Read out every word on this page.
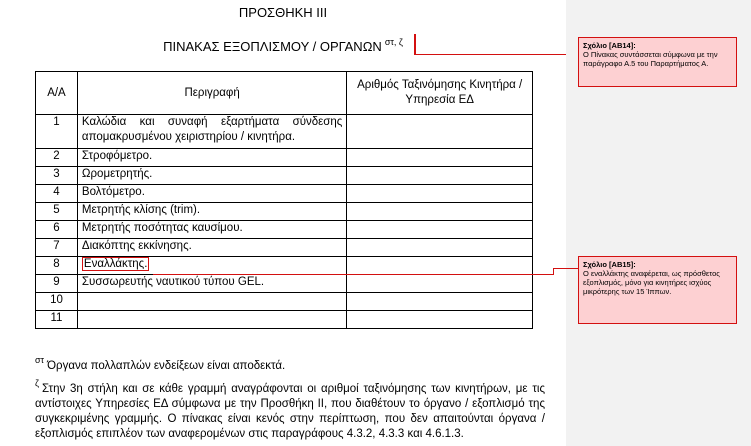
ΠΡΟΣΘΗΚΗ III
ΠΙΝΑΚΑΣ ΕΞΟΠΛΙΣΜΟΥ / ΟΡΓΑΝΩΝ $^{\sigma\tau, \zeta}$
Α/Α	Περιγραφή	Αριθμός Ταξινόμησης Κινητήρα / Υπηρεσία ΕΔ
1	Καλώδια και συναφή εξαρτήματα σύνδεσης απομακρυσμένου χειριστηρίου / κινητήρα.	
2	Στροφόμετρο.	
3	Ωρομετρητής.	
4	Βολτόμετρο.	
5	Μετρητής κλίσης (trim).	
6	Μετρητής ποσότητας καυσίμου.	
7	Διακόπτης εκκίνησης.	
8	Εναλλάκτης.	
9	Συσσωρευτής ναυτικού τύπου GEL.	
10		
11		
$^{\sigma\tau}$ Όργανα πολλαπλών ενδείξεων είναι αποδεκτά.
$^\zeta$ Στην 3η στήλη και σε κάθε γραμμή αναγράφονται οι αριθμοί ταξινόμησης των κινητήρων, με τις αντίστοιχες Υπηρεσίες ΕΔ σύμφωνα με την Προσθήκη ΙΙ, που διαθέτουν το όργανο / εξοπλισμό της συγκεκριμένης γραμμής. Ο πίνακας είναι κενός στην περίπτωση, που δεν απαιτούνται όργανα / εξοπλισμός επιπλέον των αναφερομένων στις παραγράφους 4.3.2, 4.3.3 και 4.6.1.3.
Σχόλιο [AB14]:
Ο Πίνακας συντάσσεται σύμφωνα με την παράγραφο Α.5 του Παραρτήματος Α.
Σχόλιο [AB15]:
Ο εναλλάκτης αναφέρεται, ως πρόσθετος εξοπλισμός, μόνο για κινητήρες ισχύος μικρότερης των 15 Ίππων.
